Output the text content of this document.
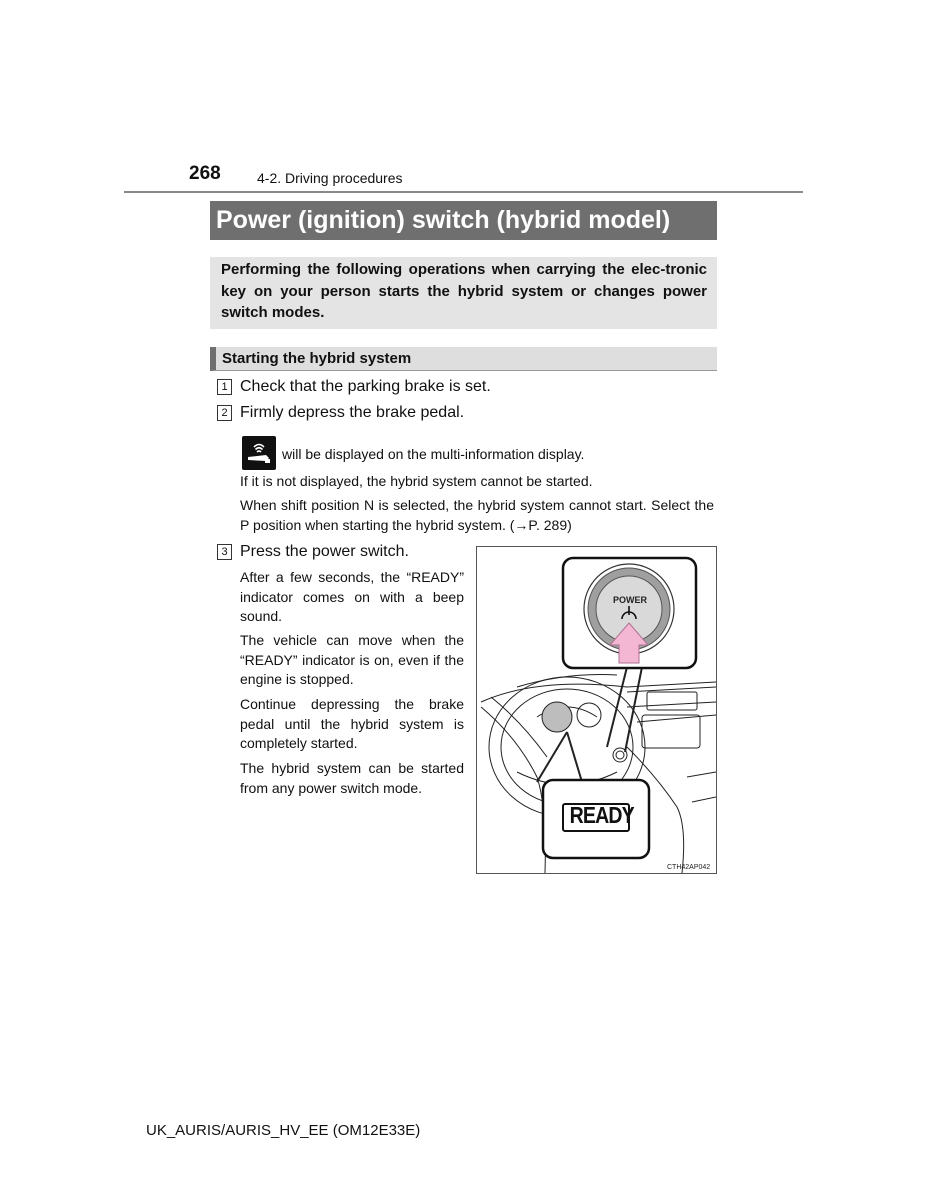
268	4-2. Driving procedures
Power (ignition) switch (hybrid model)
Performing the following operations when carrying the elec-tronic key on your person starts the hybrid system or changes power switch modes.
Starting the hybrid system
1 Check that the parking brake is set.
2 Firmly depress the brake pedal.
will be displayed on the multi-information display.
If it is not displayed, the hybrid system cannot be started.
When shift position N is selected, the hybrid system cannot start. Select the P position when starting the hybrid system. (→P. 289)
3 Press the power switch.
After a few seconds, the “READY” indicator comes on with a beep sound.
The vehicle can move when the “READY” indicator is on, even if the engine is stopped.
Continue depressing the brake pedal until the hybrid system is completely started.
The hybrid system can be started from any power switch mode.
POWER
READY
CTH42AP042
UK_AURIS/AURIS_HV_EE (OM12E33E)
